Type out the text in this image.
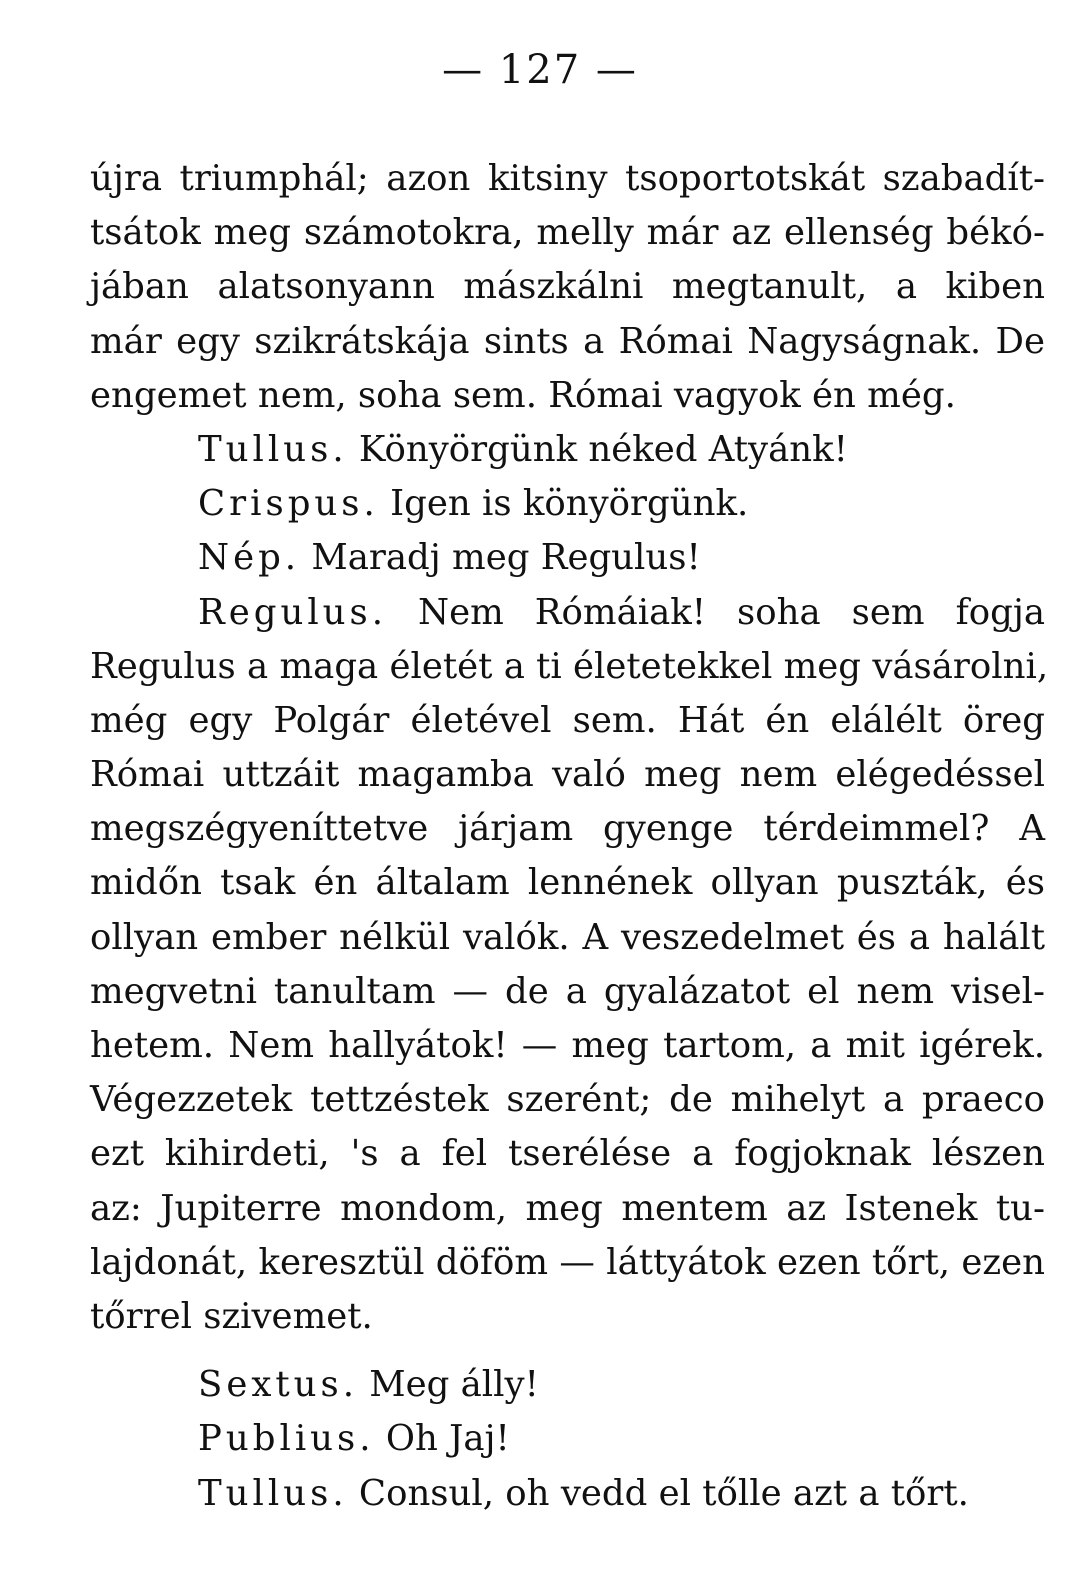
— 127 —
újra triumphál; azon kitsiny tsoportotskát szabadít-
tsátok meg számotokra, melly már az ellenség békó-
jában alatsonyann mászkálni megtanult, a kiben
már egy szikrátskája sints a Római Nagyságnak. De
engemet nem, soha sem. Római vagyok én még.
Tullus. Könyörgünk néked Atyánk!
Crispus. Igen is könyörgünk.
Nép. Maradj meg Regulus!
Regulus. Nem Rómáiak! soha sem fogja
Regulus a maga életét a ti életetekkel meg vásárolni,
még egy Polgár életével sem. Hát én elálélt öreg
Római uttzáit magamba való meg nem elégedéssel
megszégyeníttetve járjam gyenge térdeimmel? A
midőn tsak én általam lennének ollyan puszták, és
ollyan ember nélkül valók. A veszedelmet és a halált
megvetni tanultam — de a gyalázatot el nem visel-
hetem. Nem hallyátok! — meg tartom, a mit igérek.
Végezzetek tettzéstek szerént; de mihelyt a praeco
ezt kihirdeti, 's a fel tserélése a fogjoknak lészen
az: Jupiterre mondom, meg mentem az Istenek tu-
lajdonát, keresztül döföm — láttyátok ezen tőrt, ezen
tőrrel szivemet.
Sextus. Meg álly!
Publius. Oh Jaj!
Tullus. Consul, oh vedd el tőlle azt a tőrt.
